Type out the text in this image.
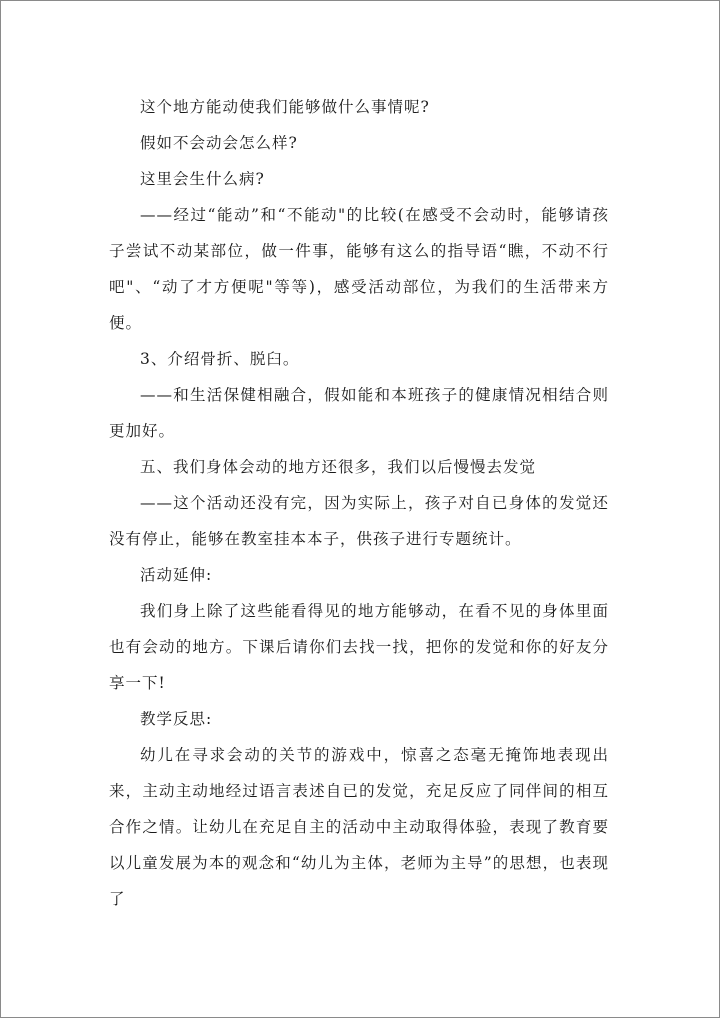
这个地方能动使我们能够做什么事情呢?

假如不会动会怎么样?

这里会生什么病?

——经过“能动”和“不能动"的比较(在感受不会动时，能够请孩子尝试不动某部位，做一件事，能够有这么的指导语“瞧，不动不行吧"、“动了才方便呢"等等)，感受活动部位，为我们的生活带来方便。

3、介绍骨折、脱臼。

——和生活保健相融合，假如能和本班孩子的健康情况相结合则更加好。

五、我们身体会动的地方还很多，我们以后慢慢去发觉

——这个活动还没有完，因为实际上，孩子对自已身体的发觉还没有停止，能够在教室挂本本子，供孩子进行专题统计。

活动延伸:

我们身上除了这些能看得见的地方能够动，在看不见的身体里面也有会动的地方。下课后请你们去找一找，把你的发觉和你的好友分享一下!

教学反思:

幼儿在寻求会动的关节的游戏中，惊喜之态毫无掩饰地表现出来，主动主动地经过语言表述自已的发觉，充足反应了同伴间的相互合作之情。让幼儿在充足自主的活动中主动取得体验，表现了教育要以儿童发展为本的观念和“幼儿为主体，老师为主导”的思想，也表现了
